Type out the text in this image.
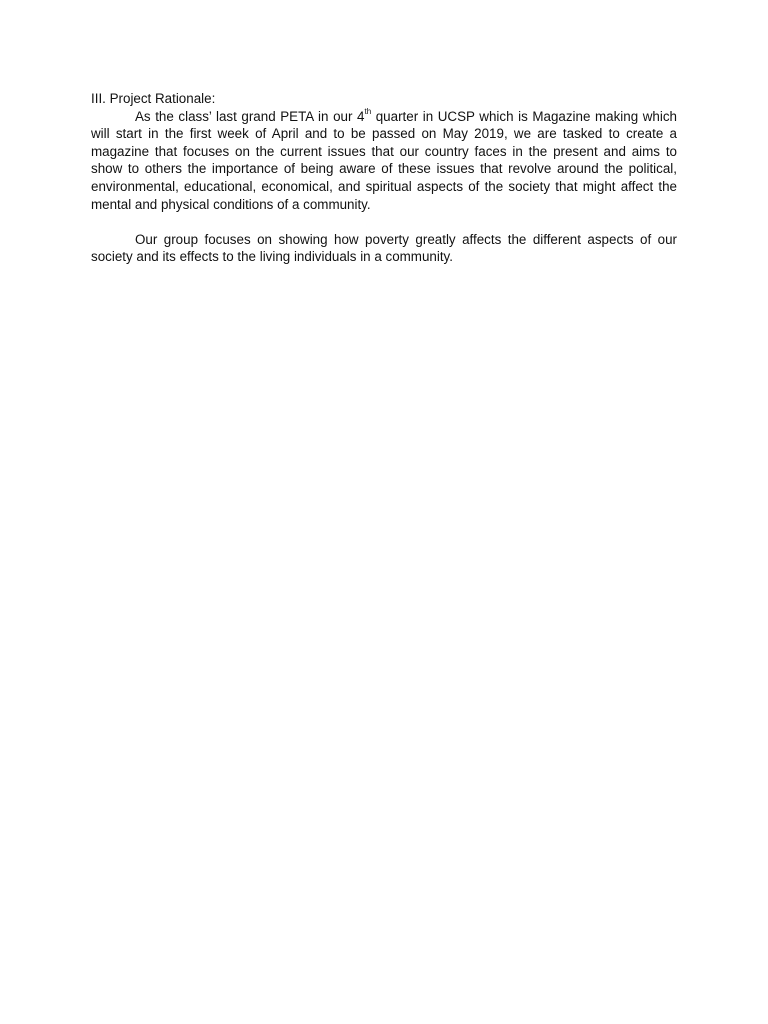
III. Project Rationale:

As the class’ last grand PETA in our 4th quarter in UCSP which is Magazine making which will start in the first week of April and to be passed on May 2019, we are tasked to create a magazine that focuses on the current issues that our country faces in the present and aims to show to others the importance of being aware of these issues that revolve around the political, environmental, educational, economical, and spiritual aspects of the society that might affect the mental and physical conditions of a community.

Our group focuses on showing how poverty greatly affects the different aspects of our society and its effects to the living individuals in a community.
